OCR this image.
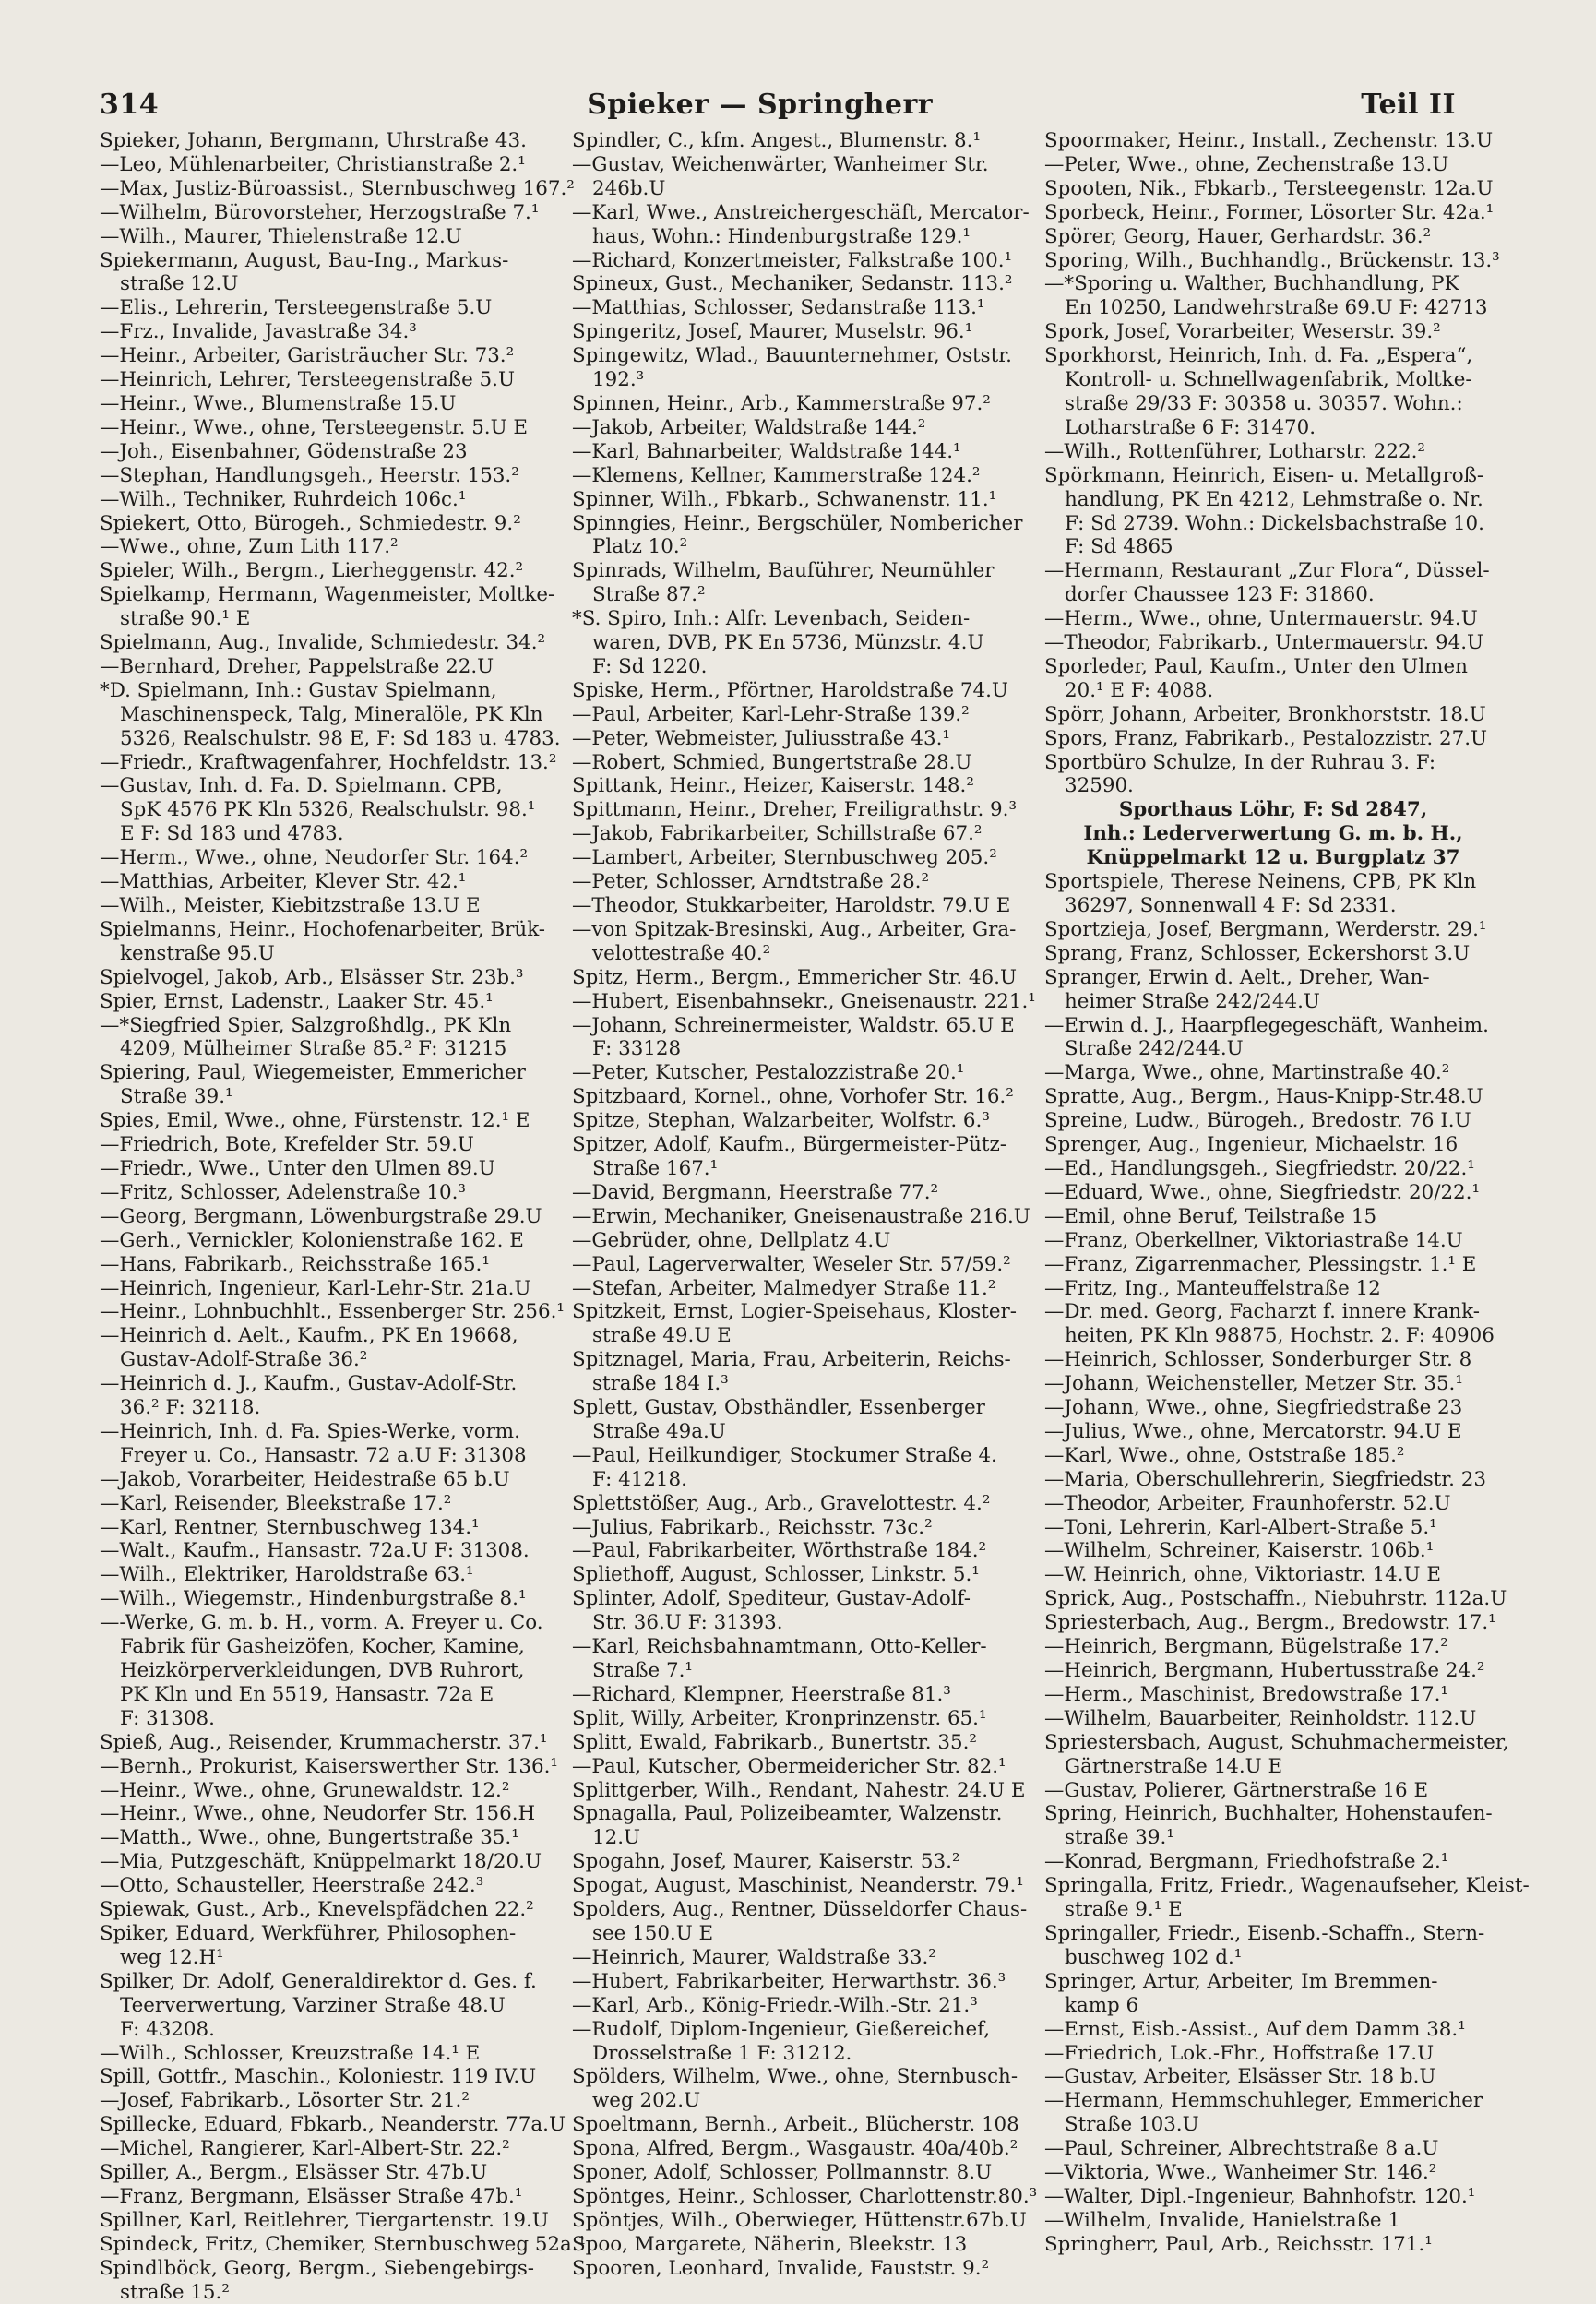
314	Spieker — Springherr	Teil II
Spieker, Johann, Bergmann, Uhrstraße 43.
—Leo, Mühlenarbeiter, Christianstraße 2.¹
—Max, Justiz-Büroassist., Sternbuschweg 167.²
—Wilhelm, Bürovorsteher, Herzogstraße 7.¹
—Wilh., Maurer, Thielenstraße 12.U
Spiekermann, August, Bau-Ing., Markus-
straße 12.U
—Elis., Lehrerin, Tersteegenstraße 5.U
—Frz., Invalide, Javastraße 34.³
—Heinr., Arbeiter, Garisträucher Str. 73.²
—Heinrich, Lehrer, Tersteegenstraße 5.U
—Heinr., Wwe., Blumenstraße 15.U
—Heinr., Wwe., ohne, Tersteegenstr. 5.U E
—Joh., Eisenbahner, Gödenstraße 23
—Stephan, Handlungsgeh., Heerstr. 153.²
—Wilh., Techniker, Ruhrdeich 106c.¹
Spiekert, Otto, Bürogeh., Schmiedestr. 9.²
—Wwe., ohne, Zum Lith 117.²
Spieler, Wilh., Bergm., Lierheggenstr. 42.²
Spielkamp, Hermann, Wagenmeister, Moltke-
straße 90.¹ E
Spielmann, Aug., Invalide, Schmiedestr. 34.²
—Bernhard, Dreher, Pappelstraße 22.U
*D. Spielmann, Inh.: Gustav Spielmann,
Maschinenspeck, Talg, Mineralöle, PK Kln
5326, Realschulstr. 98 E, F: Sd 183 u. 4783.
—Friedr., Kraftwagenfahrer, Hochfeldstr. 13.²
—Gustav, Inh. d. Fa. D. Spielmann. CPB,
SpK 4576 PK Kln 5326, Realschulstr. 98.¹
E F: Sd 183 und 4783.
—Herm., Wwe., ohne, Neudorfer Str. 164.²
—Matthias, Arbeiter, Klever Str. 42.¹
—Wilh., Meister, Kiebitzstraße 13.U E
Spielmanns, Heinr., Hochofenarbeiter, Brük-
kenstraße 95.U
Spielvogel, Jakob, Arb., Elsässer Str. 23b.³
Spier, Ernst, Ladenstr., Laaker Str. 45.¹
—*Siegfried Spier, Salzgroßhdlg., PK Kln
4209, Mülheimer Straße 85.² F: 31215
Spiering, Paul, Wiegemeister, Emmericher
Straße 39.¹
Spies, Emil, Wwe., ohne, Fürstenstr. 12.¹ E
—Friedrich, Bote, Krefelder Str. 59.U
—Friedr., Wwe., Unter den Ulmen 89.U
—Fritz, Schlosser, Adelenstraße 10.³
—Georg, Bergmann, Löwenburgstraße 29.U
—Gerh., Vernickler, Kolonienstraße 162. E
—Hans, Fabrikarb., Reichsstraße 165.¹
—Heinrich, Ingenieur, Karl-Lehr-Str. 21a.U
—Heinr., Lohnbuchhlt., Essenberger Str. 256.¹
—Heinrich d. Aelt., Kaufm., PK En 19668,
Gustav-Adolf-Straße 36.²
—Heinrich d. J., Kaufm., Gustav-Adolf-Str.
36.² F: 32118.
—Heinrich, Inh. d. Fa. Spies-Werke, vorm.
Freyer u. Co., Hansastr. 72 a.U F: 31308
—Jakob, Vorarbeiter, Heidestraße 65 b.U
—Karl, Reisender, Bleekstraße 17.²
—Karl, Rentner, Sternbuschweg 134.¹
—Walt., Kaufm., Hansastr. 72a.U F: 31308.
—Wilh., Elektriker, Haroldstraße 63.¹
—Wilh., Wiegemstr., Hindenburgstraße 8.¹
—-Werke, G. m. b. H., vorm. A. Freyer u. Co.
Fabrik für Gasheizöfen, Kocher, Kamine,
Heizkörperverkleidungen, DVB Ruhrort,
PK Kln und En 5519, Hansastr. 72a E
F: 31308.
Spieß, Aug., Reisender, Krummacherstr. 37.¹
—Bernh., Prokurist, Kaiserswerther Str. 136.¹
—Heinr., Wwe., ohne, Grunewaldstr. 12.²
—Heinr., Wwe., ohne, Neudorfer Str. 156.H
—Matth., Wwe., ohne, Bungertstraße 35.¹
—Mia, Putzgeschäft, Knüppelmarkt 18/20.U
—Otto, Schausteller, Heerstraße 242.³
Spiewak, Gust., Arb., Knevelspfädchen 22.²
Spiker, Eduard, Werkführer, Philosophen-
weg 12.H¹
Spilker, Dr. Adolf, Generaldirektor d. Ges. f.
Teerverwertung, Varziner Straße 48.U
F: 43208.
—Wilh., Schlosser, Kreuzstraße 14.¹ E
Spill, Gottfr., Maschin., Koloniestr. 119 IV.U
—Josef, Fabrikarb., Lösorter Str. 21.²
Spillecke, Eduard, Fbkarb., Neanderstr. 77a.U
—Michel, Rangierer, Karl-Albert-Str. 22.²
Spiller, A., Bergm., Elsässer Str. 47b.U
—Franz, Bergmann, Elsässer Straße 47b.¹
Spillner, Karl, Reitlehrer, Tiergartenstr. 19.U
Spindeck, Fritz, Chemiker, Sternbuschweg 52a.¹
Spindlböck, Georg, Bergm., Siebengebirgs-
straße 15.²
Spindler, C., kfm. Angest., Blumenstr. 8.¹
—Gustav, Weichenwärter, Wanheimer Str.
246b.U
—Karl, Wwe., Anstreichergeschäft, Mercator-
haus, Wohn.: Hindenburgstraße 129.¹
—Richard, Konzertmeister, Falkstraße 100.¹
Spineux, Gust., Mechaniker, Sedanstr. 113.²
—Matthias, Schlosser, Sedanstraße 113.¹
Spingeritz, Josef, Maurer, Muselstr. 96.¹
Spingewitz, Wlad., Bauunternehmer, Oststr.
192.³
Spinnen, Heinr., Arb., Kammerstraße 97.²
—Jakob, Arbeiter, Waldstraße 144.²
—Karl, Bahnarbeiter, Waldstraße 144.¹
—Klemens, Kellner, Kammerstraße 124.²
Spinner, Wilh., Fbkarb., Schwanenstr. 11.¹
Spinngies, Heinr., Bergschüler, Nombericher
Platz 10.²
Spinrads, Wilhelm, Bauführer, Neumühler
Straße 87.²
*S. Spiro, Inh.: Alfr. Levenbach, Seiden-
waren, DVB, PK En 5736, Münzstr. 4.U
F: Sd 1220.
Spiske, Herm., Pförtner, Haroldstraße 74.U
—Paul, Arbeiter, Karl-Lehr-Straße 139.²
—Peter, Webmeister, Juliusstraße 43.¹
—Robert, Schmied, Bungertstraße 28.U
Spittank, Heinr., Heizer, Kaiserstr. 148.²
Spittmann, Heinr., Dreher, Freiligrathstr. 9.³
—Jakob, Fabrikarbeiter, Schillstraße 67.²
—Lambert, Arbeiter, Sternbuschweg 205.²
—Peter, Schlosser, Arndtstraße 28.²
—Theodor, Stukkarbeiter, Haroldstr. 79.U E
—von Spitzak-Bresinski, Aug., Arbeiter, Gra-
velottestraße 40.²
Spitz, Herm., Bergm., Emmericher Str. 46.U
—Hubert, Eisenbahnsekr., Gneisenaustr. 221.¹
—Johann, Schreinermeister, Waldstr. 65.U E
F: 33128
—Peter, Kutscher, Pestalozzistraße 20.¹
Spitzbaard, Kornel., ohne, Vorhofer Str. 16.²
Spitze, Stephan, Walzarbeiter, Wolfstr. 6.³
Spitzer, Adolf, Kaufm., Bürgermeister-Pütz-
Straße 167.¹
—David, Bergmann, Heerstraße 77.²
—Erwin, Mechaniker, Gneisenaustraße 216.U
—Gebrüder, ohne, Dellplatz 4.U
—Paul, Lagerverwalter, Weseler Str. 57/59.²
—Stefan, Arbeiter, Malmedyer Straße 11.²
Spitzkeit, Ernst, Logier-Speisehaus, Kloster-
straße 49.U E
Spitznagel, Maria, Frau, Arbeiterin, Reichs-
straße 184 I.³
Splett, Gustav, Obsthändler, Essenberger
Straße 49a.U
—Paul, Heilkundiger, Stockumer Straße 4.
F: 41218.
Splettstößer, Aug., Arb., Gravelottestr. 4.²
—Julius, Fabrikarb., Reichsstr. 73c.²
—Paul, Fabrikarbeiter, Wörthstraße 184.²
Spliethoff, August, Schlosser, Linkstr. 5.¹
Splinter, Adolf, Spediteur, Gustav-Adolf-
Str. 36.U F: 31393.
—Karl, Reichsbahnamtmann, Otto-Keller-
Straße 7.¹
—Richard, Klempner, Heerstraße 81.³
Split, Willy, Arbeiter, Kronprinzenstr. 65.¹
Splitt, Ewald, Fabrikarb., Bunertstr. 35.²
—Paul, Kutscher, Obermeidericher Str. 82.¹
Splittgerber, Wilh., Rendant, Nahestr. 24.U E
Spnagalla, Paul, Polizeibeamter, Walzenstr.
12.U
Spogahn, Josef, Maurer, Kaiserstr. 53.²
Spogat, August, Maschinist, Neanderstr. 79.¹
Spolders, Aug., Rentner, Düsseldorfer Chaus-
see 150.U E
—Heinrich, Maurer, Waldstraße 33.²
—Hubert, Fabrikarbeiter, Herwarthstr. 36.³
—Karl, Arb., König-Friedr.-Wilh.-Str. 21.³
—Rudolf, Diplom-Ingenieur, Gießereichef,
Drosselstraße 1 F: 31212.
Spölders, Wilhelm, Wwe., ohne, Sternbusch-
weg 202.U
Spoeltmann, Bernh., Arbeit., Blücherstr. 108
Spona, Alfred, Bergm., Wasgaustr. 40a/40b.²
Sponer, Adolf, Schlosser, Pollmannstr. 8.U
Spöntges, Heinr., Schlosser, Charlottenstr.80.³
Spöntjes, Wilh., Oberwieger, Hüttenstr.67b.U
Spoo, Margarete, Näherin, Bleekstr. 13
Spooren, Leonhard, Invalide, Fauststr. 9.²
Spoormaker, Heinr., Install., Zechenstr. 13.U
—Peter, Wwe., ohne, Zechenstraße 13.U
Spooten, Nik., Fbkarb., Tersteegenstr. 12a.U
Sporbeck, Heinr., Former, Lösorter Str. 42a.¹
Spörer, Georg, Hauer, Gerhardstr. 36.²
Sporing, Wilh., Buchhandlg., Brückenstr. 13.³
—*Sporing u. Walther, Buchhandlung, PK
En 10250, Landwehrstraße 69.U F: 42713
Spork, Josef, Vorarbeiter, Weserstr. 39.²
Sporkhorst, Heinrich, Inh. d. Fa. „Espera“,
Kontroll- u. Schnellwagenfabrik, Moltke-
straße 29/33 F: 30358 u. 30357. Wohn.:
Lotharstraße 6 F: 31470.
—Wilh., Rottenführer, Lotharstr. 222.²
Spörkmann, Heinrich, Eisen- u. Metallgroß-
handlung, PK En 4212, Lehmstraße o. Nr.
F: Sd 2739. Wohn.: Dickelsbachstraße 10.
F: Sd 4865
—Hermann, Restaurant „Zur Flora“, Düssel-
dorfer Chaussee 123 F: 31860.
—Herm., Wwe., ohne, Untermauerstr. 94.U
—Theodor, Fabrikarb., Untermauerstr. 94.U
Sporleder, Paul, Kaufm., Unter den Ulmen
20.¹ E F: 4088.
Spörr, Johann, Arbeiter, Bronkhorststr. 18.U
Spors, Franz, Fabrikarb., Pestalozzistr. 27.U
Sportbüro Schulze, In der Ruhrau 3. F:
32590.
Sporthaus Löhr, F: Sd 2847,
Inh.: Lederverwertung G. m. b. H.,
Knüppelmarkt 12 u. Burgplatz 37
Sportspiele, Therese Neinens, CPB, PK Kln
36297, Sonnenwall 4 F: Sd 2331.
Sportzieja, Josef, Bergmann, Werderstr. 29.¹
Sprang, Franz, Schlosser, Eckershorst 3.U
Spranger, Erwin d. Aelt., Dreher, Wan-
heimer Straße 242/244.U
—Erwin d. J., Haarpflegegeschäft, Wanheim.
Straße 242/244.U
—Marga, Wwe., ohne, Martinstraße 40.²
Spratte, Aug., Bergm., Haus-Knipp-Str.48.U
Spreine, Ludw., Bürogeh., Bredostr. 76 I.U
Sprenger, Aug., Ingenieur, Michaelstr. 16
—Ed., Handlungsgeh., Siegfriedstr. 20/22.¹
—Eduard, Wwe., ohne, Siegfriedstr. 20/22.¹
—Emil, ohne Beruf, Teilstraße 15
—Franz, Oberkellner, Viktoriastraße 14.U
—Franz, Zigarrenmacher, Plessingstr. 1.¹ E
—Fritz, Ing., Manteuffelstraße 12
—Dr. med. Georg, Facharzt f. innere Krank-
heiten, PK Kln 98875, Hochstr. 2. F: 40906
—Heinrich, Schlosser, Sonderburger Str. 8
—Johann, Weichensteller, Metzer Str. 35.¹
—Johann, Wwe., ohne, Siegfriedstraße 23
—Julius, Wwe., ohne, Mercatorstr. 94.U E
—Karl, Wwe., ohne, Oststraße 185.²
—Maria, Oberschullehrerin, Siegfriedstr. 23
—Theodor, Arbeiter, Fraunhoferstr. 52.U
—Toni, Lehrerin, Karl-Albert-Straße 5.¹
—Wilhelm, Schreiner, Kaiserstr. 106b.¹
—W. Heinrich, ohne, Viktoriastr. 14.U E
Sprick, Aug., Postschaffn., Niebuhrstr. 112a.U
Spriesterbach, Aug., Bergm., Bredowstr. 17.¹
—Heinrich, Bergmann, Bügelstraße 17.²
—Heinrich, Bergmann, Hubertusstraße 24.²
—Herm., Maschinist, Bredowstraße 17.¹
—Wilhelm, Bauarbeiter, Reinholdstr. 112.U
Spriestersbach, August, Schuhmachermeister,
Gärtnerstraße 14.U E
—Gustav, Polierer, Gärtnerstraße 16 E
Spring, Heinrich, Buchhalter, Hohenstaufen-
straße 39.¹
—Konrad, Bergmann, Friedhofstraße 2.¹
Springalla, Fritz, Friedr., Wagenaufseher, Kleist-
straße 9.¹ E
Springaller, Friedr., Eisenb.-Schaffn., Stern-
buschweg 102 d.¹
Springer, Artur, Arbeiter, Im Bremmen-
kamp 6
—Ernst, Eisb.-Assist., Auf dem Damm 38.¹
—Friedrich, Lok.-Fhr., Hoffstraße 17.U
—Gustav, Arbeiter, Elsässer Str. 18 b.U
—Hermann, Hemmschuhleger, Emmericher
Straße 103.U
—Paul, Schreiner, Albrechtstraße 8 a.U
—Viktoria, Wwe., Wanheimer Str. 146.²
—Walter, Dipl.-Ingenieur, Bahnhofstr. 120.¹
—Wilhelm, Invalide, Hanielstraße 1
Springherr, Paul, Arb., Reichsstr. 171.¹
